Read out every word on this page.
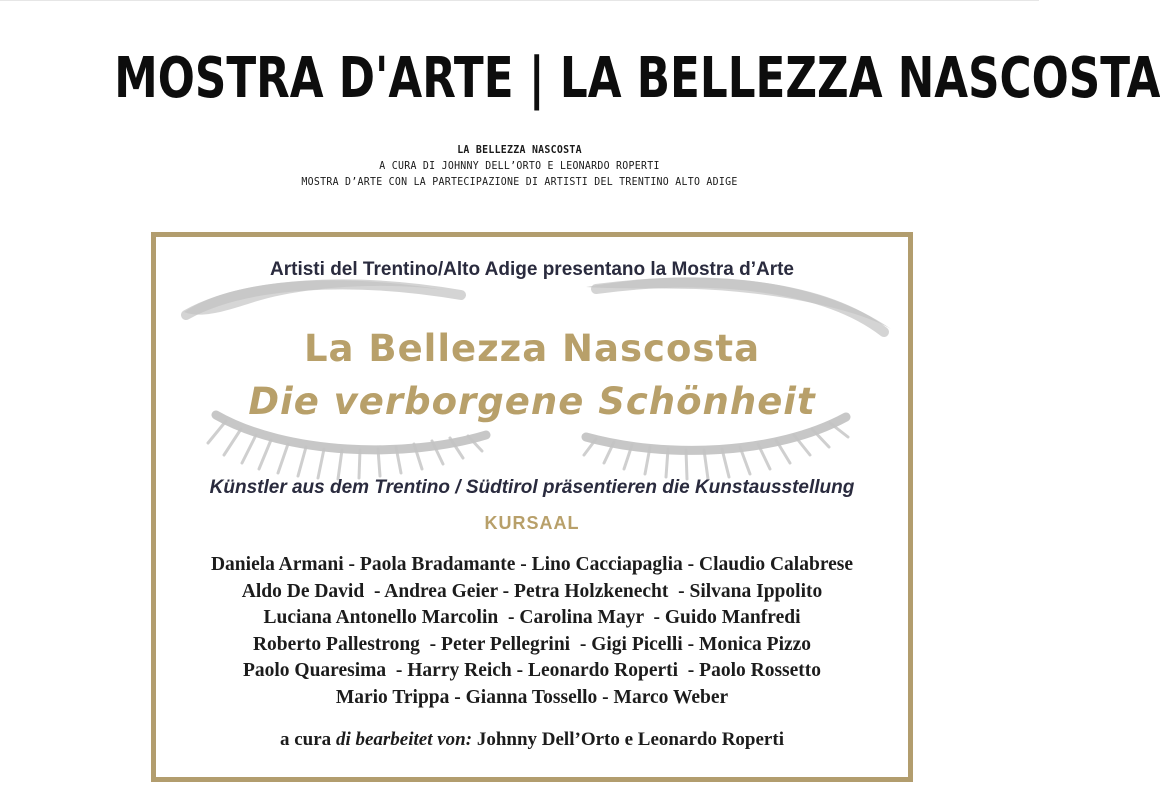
MOSTRA D'ARTE | LA BELLEZZA NASCOSTA
LA BELLEZZA NASCOSTA
A CURA DI JOHNNY DELL’ORTO E LEONARDO ROPERTI
MOSTRA D’ARTE CON LA PARTECIPAZIONE DI ARTISTI DEL TRENTINO ALTO ADIGE
Artisti del Trentino/Alto Adige presentano la Mostra d’Arte
La Bellezza Nascosta
Die verborgene Schönheit
Künstler aus dem Trentino / Südtirol präsentieren die Kunstausstellung
KURSAAL
Daniela Armani - Paola Bradamante - Lino Cacciapaglia - Claudio Calabrese
Aldo De David  - Andrea Geier - Petra Holzkenecht  - Silvana Ippolito
Luciana Antonello Marcolin  - Carolina Mayr  - Guido Manfredi
Roberto Pallestrong  - Peter Pellegrini  - Gigi Picelli - Monica Pizzo
Paolo Quaresima  - Harry Reich - Leonardo Roperti  - Paolo Rossetto
Mario Trippa - Gianna Tossello - Marco Weber
a cura di bearbeitet von: Johnny Dell’Orto e Leonardo Roperti
